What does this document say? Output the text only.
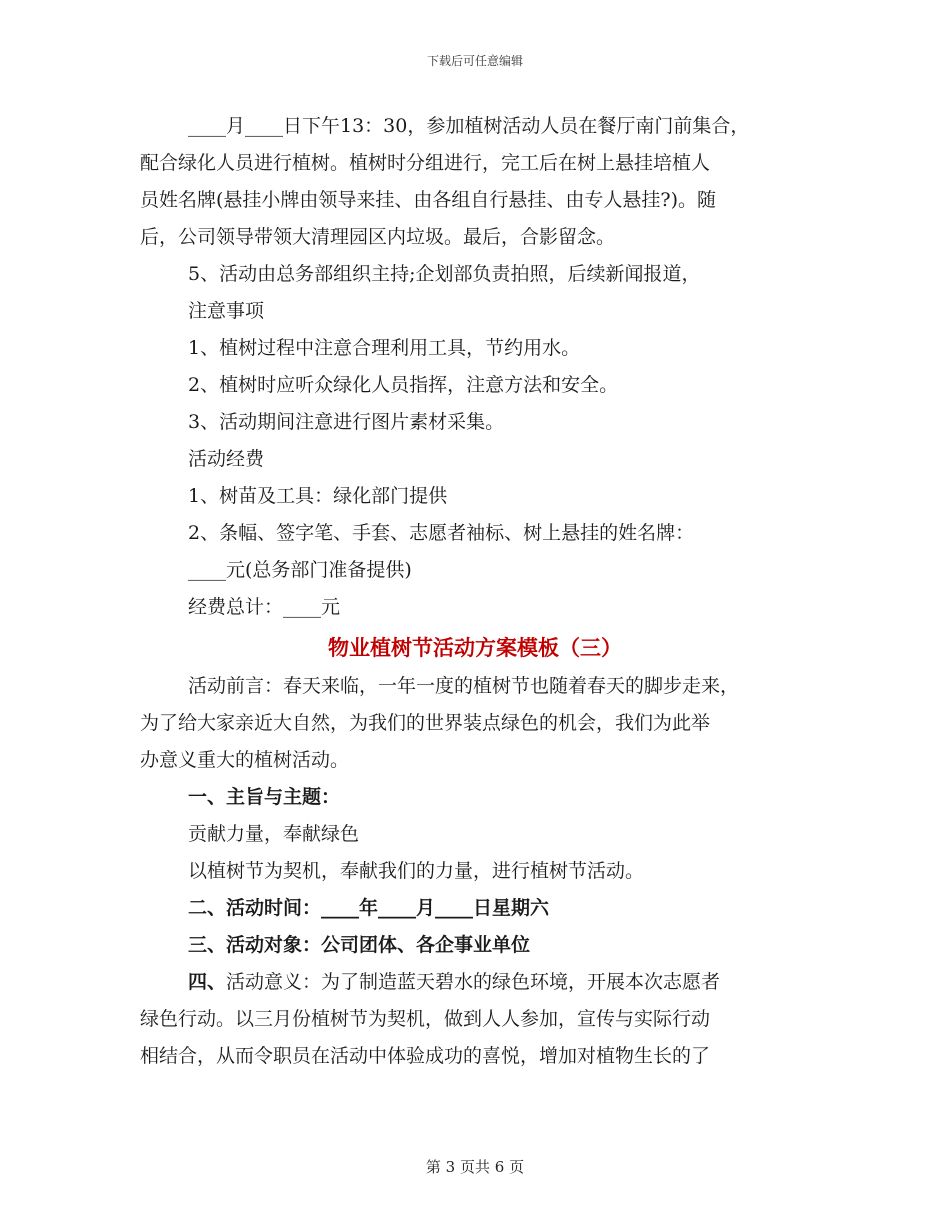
下载后可任意编辑

____月____日下午13：30，参加植树活动人员在餐厅南门前集合，

配合绿化人员进行植树。植树时分组进行，完工后在树上悬挂培植人

员姓名牌(悬挂小牌由领导来挂、由各组自行悬挂、由专人悬挂?)。随

后，公司领导带领大清理园区内垃圾。最后，合影留念。

5、活动由总务部组织主持;企划部负责拍照，后续新闻报道，

注意事项

1、植树过程中注意合理利用工具，节约用水。

2、植树时应听众绿化人员指挥，注意方法和安全。

3、活动期间注意进行图片素材采集。

活动经费

1、树苗及工具：绿化部门提供

2、条幅、签字笔、手套、志愿者袖标、树上悬挂的姓名牌：

____元(总务部门准备提供)

经费总计：____元

物业植树节活动方案模板（三）

活动前言：春天来临，一年一度的植树节也随着春天的脚步走来，

为了给大家亲近大自然，为我们的世界装点绿色的机会，我们为此举

办意义重大的植树活动。

一、主旨与主题：

贡献力量，奉献绿色

以植树节为契机，奉献我们的力量，进行植树节活动。

二、活动时间：____年____月____日星期六

三、活动对象：公司团体、各企事业单位

四、活动意义：为了制造蓝天碧水的绿色环境，开展本次志愿者

绿色行动。以三月份植树节为契机，做到人人参加，宣传与实际行动

相结合，从而令职员在活动中体验成功的喜悦，增加对植物生长的了

第 3 页共 6 页
